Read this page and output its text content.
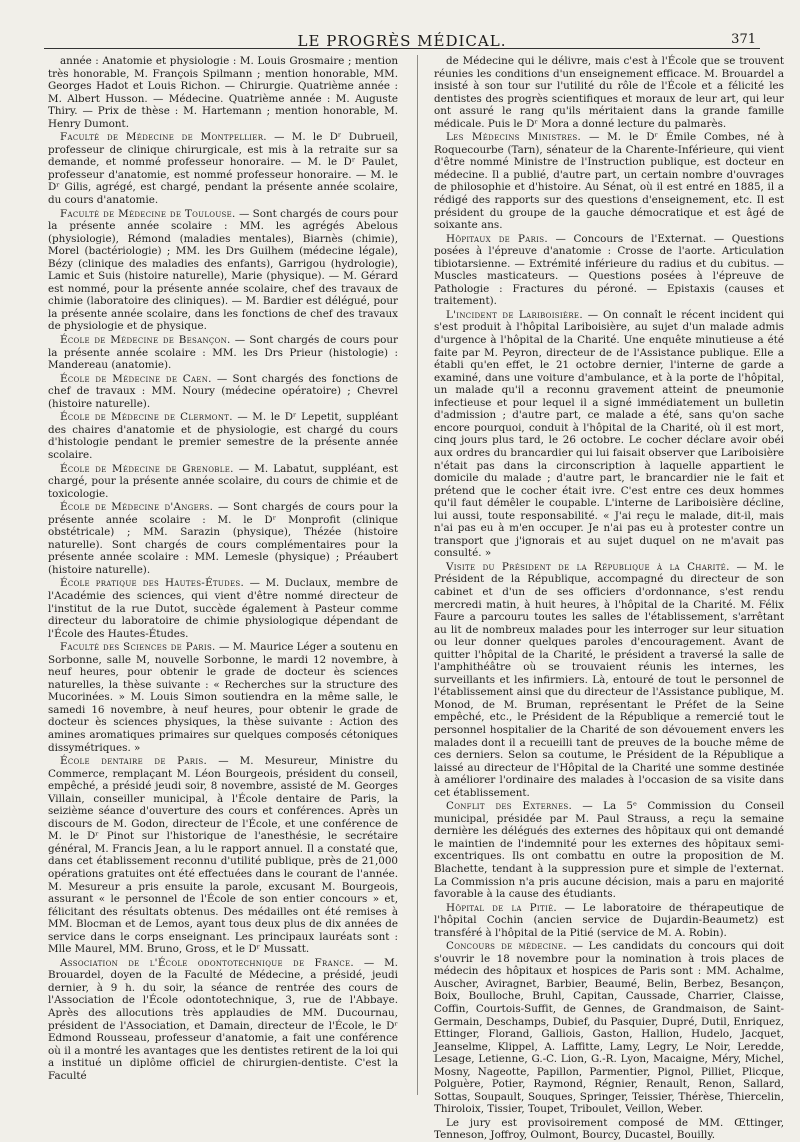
LE PROGRÈS MÉDICAL.	371

année : Anatomie et physiologie : M. Louis Grosmaire ; mention très honorable, M. François Spilmann ; mention honorable, MM. Georges Hadot et Louis Richon. — Chirurgie. Quatrième année : M. Albert Husson. — Médecine. Quatrième année : M. Auguste Thiry. — Prix de thèse : M. Hartemann ; mention honorable, M. Henry Dumont.

Faculté de Médecine de Montpellier. — M. le Dʳ Dubrueil, professeur de clinique chirurgicale, est mis à la retraite sur sa demande, et nommé professeur honoraire. — M. le Dʳ Paulet, professeur d'anatomie, est nommé professeur honoraire. — M. le Dʳ Gilis, agrégé, est chargé, pendant la présente année scolaire, du cours d'anatomie.

Faculté de Médecine de Toulouse. — Sont chargés de cours pour la présente année scolaire : MM. les agrégés Abelous (physiologie), Rémond (maladies mentales), Biarnès (chimie), Morel (bactériologie) ; MM. les Drs Guilhem (médecine légale), Bézy (clinique des maladies des enfants), Garrigou (hydrologie), Lamic et Suis (histoire naturelle), Marie (physique). — M. Gérard est nommé, pour la présente année scolaire, chef des travaux de chimie (laboratoire des cliniques). — M. Bardier est délégué, pour la présente année scolaire, dans les fonctions de chef des travaux de physiologie et de physique.

École de Médecine de Besançon. — Sont chargés de cours pour la présente année scolaire : MM. les Drs Prieur (histologie) : Mandereau (anatomie).

École de Médecine de Caen. — Sont chargés des fonctions de chef de travaux : MM. Noury (médecine opératoire) ; Chevrel (histoire naturelle).

École de Médecine de Clermont. — M. le Dʳ Lepetit, suppléant des chaires d'anatomie et de physiologie, est chargé du cours d'histologie pendant le premier semestre de la présente année scolaire.

École de Médecine de Grenoble. — M. Labatut, suppléant, est chargé, pour la présente année scolaire, du cours de chimie et de toxicologie.

École de Médecine d'Angers. — Sont chargés de cours pour la présente année scolaire : M. le Dʳ Monprofit (clinique obstétricale) ; MM. Sarazin (physique), Thézée (histoire naturelle). Sont chargés de cours complémentaires pour la présente année scolaire : MM. Lemesle (physique) ; Préaubert (histoire naturelle).

École pratique des Hautes-Études. — M. Duclaux, membre de l'Académie des sciences, qui vient d'être nommé directeur de l'institut de la rue Dutot, succède également à Pasteur comme directeur du laboratoire de chimie physiologique dépendant de l'École des Hautes-Études.

Faculté des Sciences de Paris. — M. Maurice Léger a soutenu en Sorbonne, salle M, nouvelle Sorbonne, le mardi 12 novembre, à neuf heures, pour obtenir le grade de docteur ès sciences naturelles, la thèse suivante : « Recherches sur la structure des Mucorinées. » M. Louis Simon soutiendra en la même salle, le samedi 16 novembre, à neuf heures, pour obtenir le grade de docteur ès sciences physiques, la thèse suivante : Action des amines aromatiques primaires sur quelques composés cétoniques dissymétriques. »

École dentaire de Paris. — M. Mesureur, Ministre du Commerce, remplaçant M. Léon Bourgeois, président du conseil, empêché, a présidé jeudi soir, 8 novembre, assisté de M. Georges Villain, conseiller municipal, à l'École dentaire de Paris, la seizième séance d'ouverture des cours et conférences. Après un discours de M. Godon, directeur de l'École, et une conférence de M. le Dʳ Pinot sur l'historique de l'anesthésie, le secrétaire général, M. Francis Jean, a lu le rapport annuel. Il a constaté que, dans cet établissement reconnu d'utilité publique, près de 21,000 opérations gratuites ont été effectuées dans le courant de l'année. M. Mesureur a pris ensuite la parole, excusant M. Bourgeois, assurant « le personnel de l'École de son entier concours » et, félicitant des résultats obtenus. Des médailles ont été remises à MM. Blocman et de Lemos, ayant tous deux plus de dix années de service dans le corps enseignant. Les principaux lauréats sont : Mlle Maurel, MM. Bruno, Gross, et le Dʳ Mussatt.

Association de l'École odontotechnique de France. — M. Brouardel, doyen de la Faculté de Médecine, a présidé, jeudi dernier, à 9 h. du soir, la séance de rentrée des cours de l'Association de l'École odontotechnique, 3, rue de l'Abbaye. Après des allocutions très applaudies de MM. Ducournau, président de l'Association, et Damain, directeur de l'École, le Dʳ Edmond Rousseau, professeur d'anatomie, a fait une conférence où il a montré les avantages que les dentistes retirent de la loi qui a institué un diplôme officiel de chirurgien-dentiste. C'est la Faculté

de Médecine qui le délivre, mais c'est à l'École que se trouvent réunies les conditions d'un enseignement efficace. M. Brouardel a insisté à son tour sur l'utilité du rôle de l'École et a félicité les dentistes des progrès scientifiques et moraux de leur art, qui leur ont assuré le rang qu'ils méritaient dans la grande famille médicale. Puis le Dʳ Mora a donné lecture du palmarès.

Les Médecins Ministres. — M. le Dʳ Émile Combes, né à Roquecourbe (Tarn), sénateur de la Charente-Inférieure, qui vient d'être nommé Ministre de l'Instruction publique, est docteur en médecine. Il a publié, d'autre part, un certain nombre d'ouvrages de philosophie et d'histoire. Au Sénat, où il est entré en 1885, il a rédigé des rapports sur des questions d'enseignement, etc. Il est président du groupe de la gauche démocratique et est âgé de soixante ans.

Hôpitaux de Paris. — Concours de l'Externat. — Questions posées à l'épreuve d'anatomie : Crosse de l'aorte. Articulation tibiotarsienne. — Extrémité inférieure du radius et du cubitus. — Muscles masticateurs. — Questions posées à l'épreuve de Pathologie : Fractures du péroné. — Epistaxis (causes et traitement).

L'incident de Lariboisière. — On connaît le récent incident qui s'est produit à l'hôpital Lariboisière, au sujet d'un malade admis d'urgence à l'hôpital de la Charité. Une enquête minutieuse a été faite par M. Peyron, directeur de de l'Assistance publique. Elle a établi qu'en effet, le 21 octobre dernier, l'interne de garde a examiné, dans une voiture d'ambulance, et à la porte de l'hôpital, un malade qu'il a reconnu gravement atteint de pneumonie infectieuse et pour lequel il a signé immédiatement un bulletin d'admission ; d'autre part, ce malade a été, sans qu'on sache encore pourquoi, conduit à l'hôpital de la Charité, où il est mort, cinq jours plus tard, le 26 octobre. Le cocher déclare avoir obéi aux ordres du brancardier qui lui faisait observer que Lariboisière n'était pas dans la circonscription à laquelle appartient le domicile du malade ; d'autre part, le brancardier nie le fait et prétend que le cocher était ivre. C'est entre ces deux hommes qu'il faut démêler le coupable. L'interne de Lariboisière décline, lui aussi, toute responsabilité. « J'ai reçu le malade, dit-il, mais n'ai pas eu à m'en occuper. Je n'ai pas eu à protester contre un transport que j'ignorais et au sujet duquel on ne m'avait pas consulté. »

Visite du Président de la République à la Charité. — M. le Président de la République, accompagné du directeur de son cabinet et d'un de ses officiers d'ordonnance, s'est rendu mercredi matin, à huit heures, à l'hôpital de la Charité. M. Félix Faure a parcouru toutes les salles de l'établissement, s'arrêtant au lit de nombreux malades pour les interroger sur leur situation ou leur donner quelques paroles d'encouragement. Avant de quitter l'hôpital de la Charité, le président a traversé la salle de l'amphithéâtre où se trouvaient réunis les internes, les surveillants et les infirmiers. Là, entouré de tout le personnel de l'établissement ainsi que du directeur de l'Assistance publique, M. Monod, de M. Bruman, représentant le Préfet de la Seine empêché, etc., le Président de la République a remercié tout le personnel hospitalier de la Charité de son dévouement envers les malades dont il a recueilli tant de preuves de la bouche même de ces derniers. Selon sa coutume, le Président de la République a laissé au directeur de l'Hôpital de la Charité une somme destinée à améliorer l'ordinaire des malades à l'occasion de sa visite dans cet établissement.

Conflit des Externes. — La 5ᵉ Commission du Conseil municipal, présidée par M. Paul Strauss, a reçu la semaine dernière les délégués des externes des hôpitaux qui ont demandé le maintien de l'indemnité pour les externes des hôpitaux semi-excentriques. Ils ont combattu en outre la proposition de M. Blachette, tendant à la suppression pure et simple de l'externat. La Commission n'a pris aucune décision, mais a paru en majorité favorable à la cause des étudiants.

Hôpital de la Pitié. — Le laboratoire de thérapeutique de l'hôpital Cochin (ancien service de Dujardin-Beaumetz) est transféré à l'hôpital de la Pitié (service de M. A. Robin).

Concours de médecine. — Les candidats du concours qui doit s'ouvrir le 18 novembre pour la nomination à trois places de médecin des hôpitaux et hospices de Paris sont : MM. Achalme, Auscher, Aviragnet, Barbier, Beaumé, Belin, Berbez, Besançon, Boix, Boulloche, Bruhl, Capitan, Caussade, Charrier, Claisse, Coffin, Courtois-Suffit, de Gennes, de Grandmaison, de Saint-Germain, Deschamps, Dubief, du Pasquier, Dupré, Dutil, Enriquez, Ettinger, Florand, Galliois, Gaston, Hallion, Hudelo, Jacquet, Jeanselme, Klippel, A. Laffitte, Lamy, Legry, Le Noir, Leredde, Lesage, Letienne, G.-C. Lion, G.-R. Lyon, Macaigne, Méry, Michel, Mosny, Nageotte, Papillon, Parmentier, Pignol, Pilliet, Plicque, Polguère, Potier, Raymond, Régnier, Renault, Renon, Sallard, Sottas, Soupault, Souques, Springer, Teissier, Thérèse, Thiercelin, Thiroloix, Tissier, Toupet, Triboulet, Veillon, Weber.

Le jury est provisoirement composé de MM. Œttinger, Tenneson, Joffroy, Oulmont, Bourcy, Ducastel, Bouilly.
